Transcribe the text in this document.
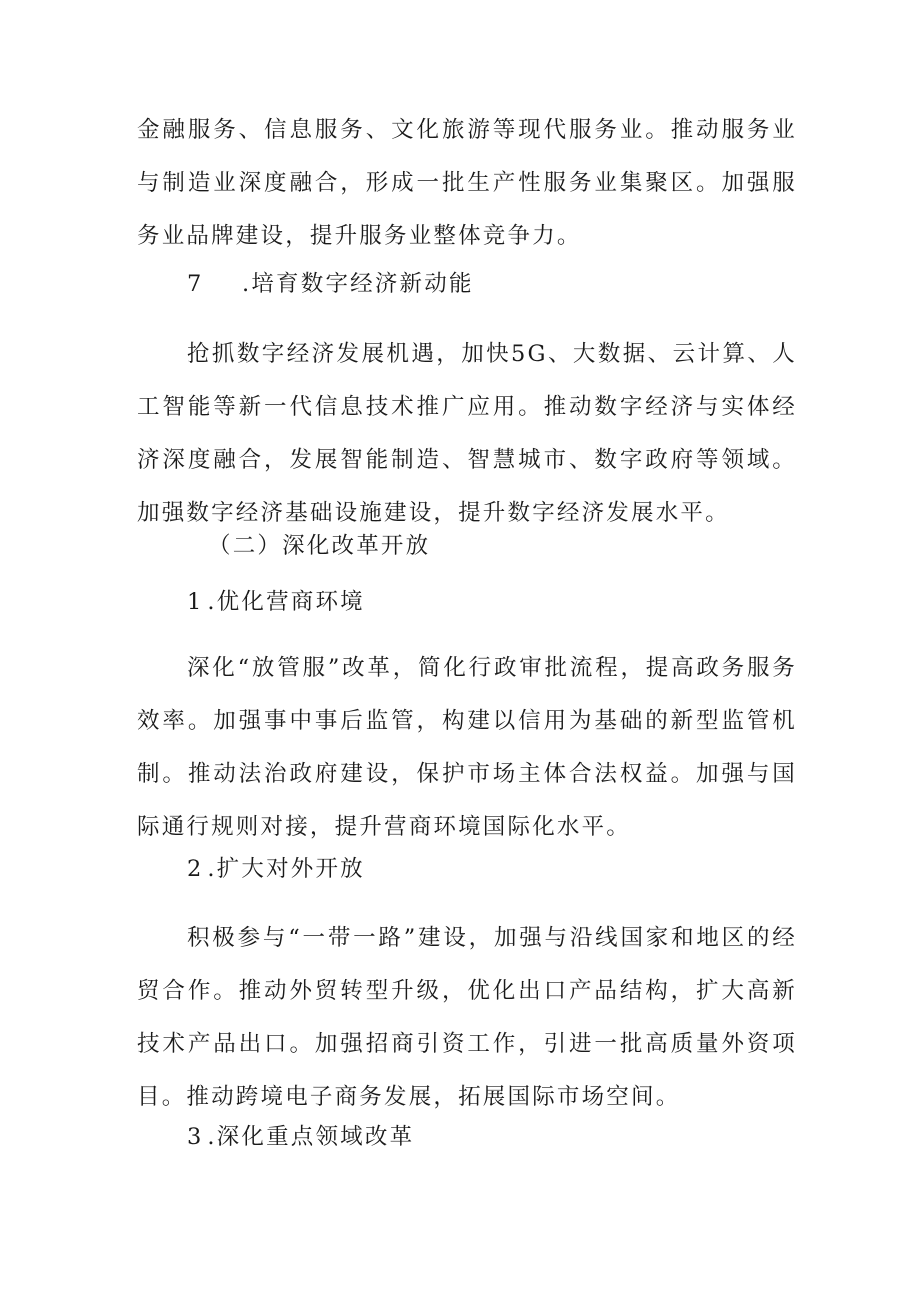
金融服务、信息服务、文化旅游等现代服务业。推动服务业与制造业深度融合，形成一批生产性服务业集聚区。加强服务业品牌建设，提升服务业整体竞争力。

7 .培育数字经济新动能

抢抓数字经济发展机遇，加快5G、大数据、云计算、人工智能等新一代信息技术推广应用。推动数字经济与实体经济深度融合，发展智能制造、智慧城市、数字政府等领域。加强数字经济基础设施建设，提升数字经济发展水平。

（二）深化改革开放

1 .优化营商环境

深化“放管服”改革，简化行政审批流程，提高政务服务效率。加强事中事后监管，构建以信用为基础的新型监管机制。推动法治政府建设，保护市场主体合法权益。加强与国际通行规则对接，提升营商环境国际化水平。

2 .扩大对外开放

积极参与“一带一路”建设，加强与沿线国家和地区的经贸合作。推动外贸转型升级，优化出口产品结构，扩大高新技术产品出口。加强招商引资工作，引进一批高质量外资项目。推动跨境电子商务发展，拓展国际市场空间。

3 .深化重点领域改革
